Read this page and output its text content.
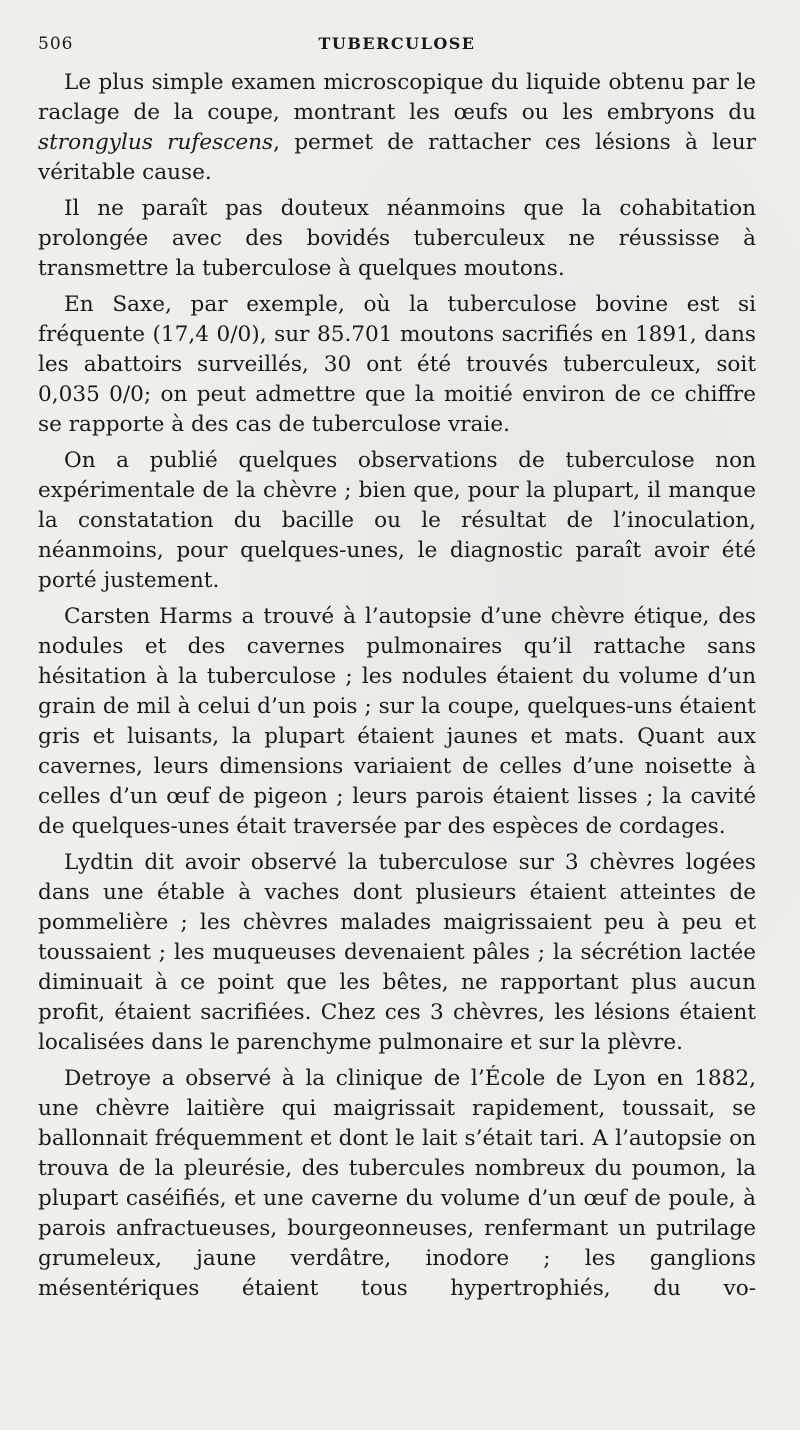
506	TUBERCULOSE

Le plus simple examen microscopique du liquide obtenu par le raclage de la coupe, montrant les œufs ou les embryons du strongylus rufescens, permet de rattacher ces lésions à leur véritable cause.

Il ne paraît pas douteux néanmoins que la cohabitation prolongée avec des bovidés tuberculeux ne réussisse à transmettre la tuberculose à quelques moutons.

En Saxe, par exemple, où la tuberculose bovine est si fréquente (17,4 0/0), sur 85.701 moutons sacrifiés en 1891, dans les abattoirs surveillés, 30 ont été trouvés tuberculeux, soit 0,035 0/0; on peut admettre que la moitié environ de ce chiffre se rapporte à des cas de tuberculose vraie.

On a publié quelques observations de tuberculose non expérimentale de la chèvre ; bien que, pour la plupart, il manque la constatation du bacille ou le résultat de l’inoculation, néanmoins, pour quelques-unes, le diagnostic paraît avoir été porté justement.

Carsten Harms a trouvé à l’autopsie d’une chèvre étique, des nodules et des cavernes pulmonaires qu’il rattache sans hésitation à la tuberculose ; les nodules étaient du volume d’un grain de mil à celui d’un pois ; sur la coupe, quelques-uns étaient gris et luisants, la plupart étaient jaunes et mats. Quant aux cavernes, leurs dimensions variaient de celles d’une noisette à celles d’un œuf de pigeon ; leurs parois étaient lisses ; la cavité de quelques-unes était traversée par des espèces de cordages.

Lydtin dit avoir observé la tuberculose sur 3 chèvres logées dans une étable à vaches dont plusieurs étaient atteintes de pommelière ; les chèvres malades maigrissaient peu à peu et toussaient ; les muqueuses devenaient pâles ; la sécrétion lactée diminuait à ce point que les bêtes, ne rapportant plus aucun profit, étaient sacrifiées. Chez ces 3 chèvres, les lésions étaient localisées dans le parenchyme pulmonaire et sur la plèvre.

Detroye a observé à la clinique de l’École de Lyon en 1882, une chèvre laitière qui maigrissait rapidement, toussait, se ballonnait fréquemment et dont le lait s’était tari. A l’autopsie on trouva de la pleurésie, des tubercules nombreux du poumon, la plupart caséifiés, et une caverne du volume d’un œuf de poule, à parois anfractueuses, bourgeonneuses, renfermant un putrilage grumeleux, jaune verdâtre, inodore ; les ganglions mésentériques étaient tous hypertrophiés, du vo-
